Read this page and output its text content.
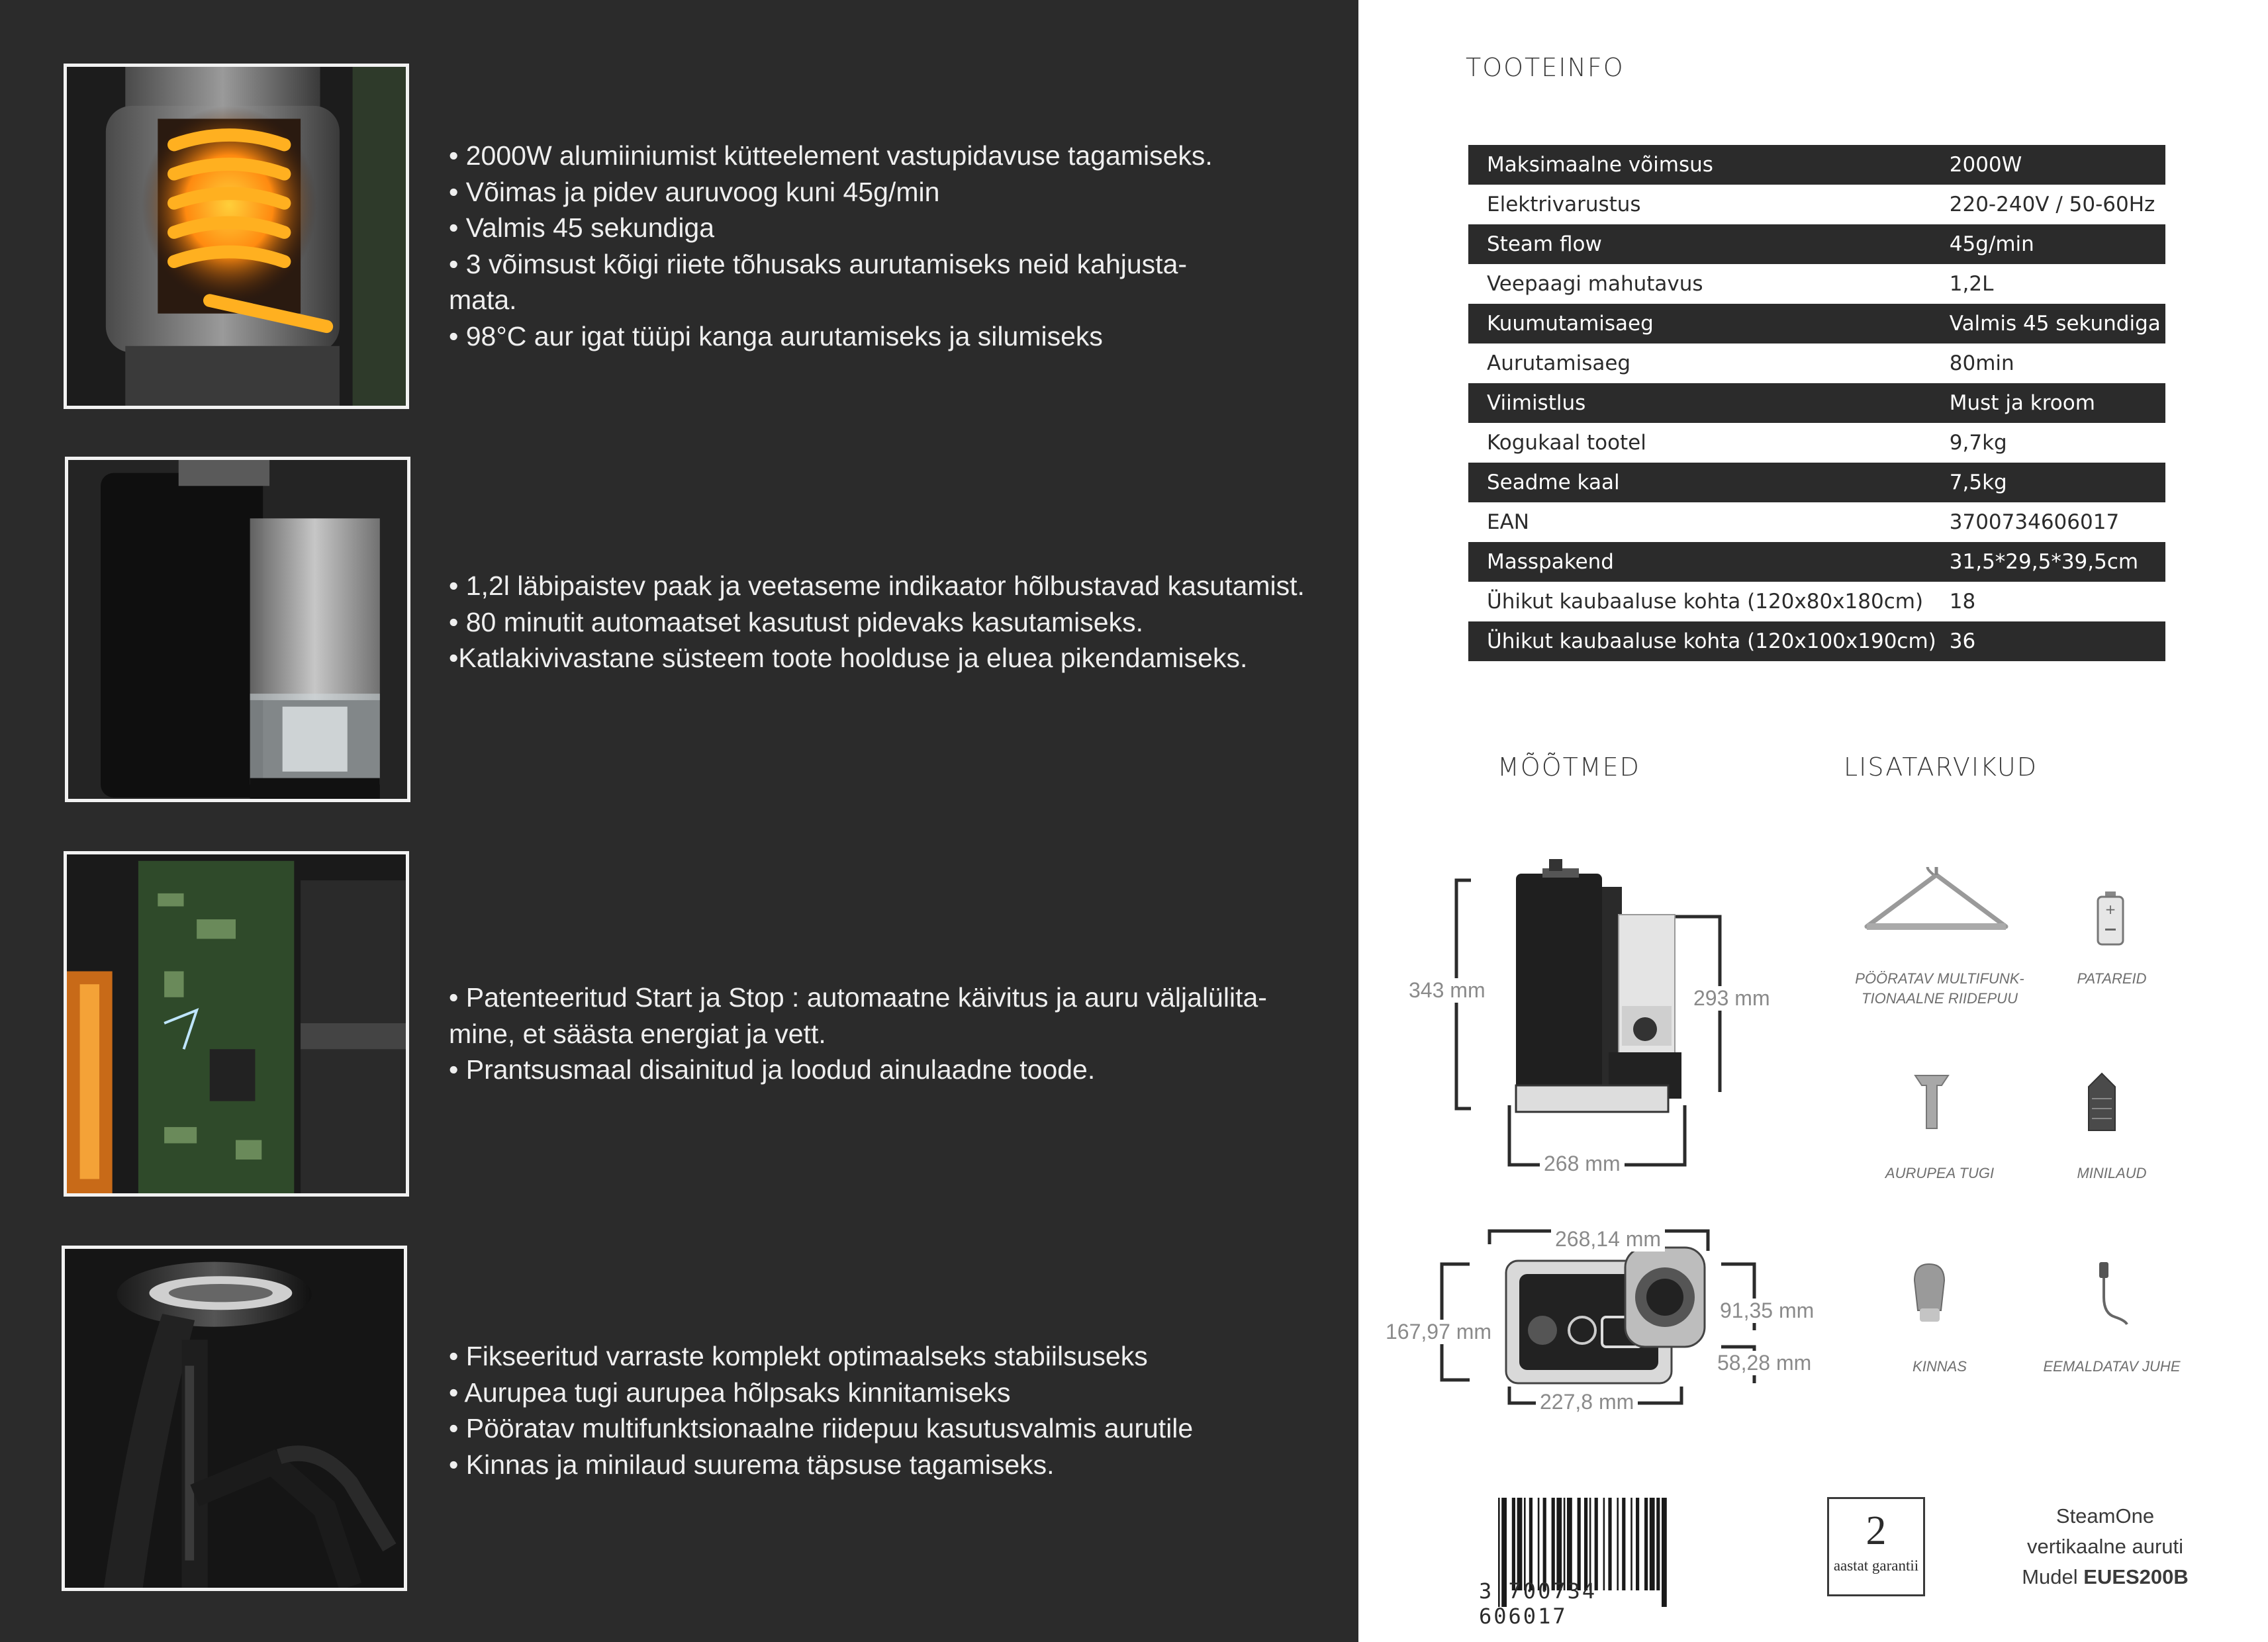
• 2000W alumiiniumist kütteelement vastupidavuse tagamiseks.
• Võimas ja pidev auruvoog kuni 45g/min
• Valmis 45 sekundiga
• 3 võimsust kõigi riiete tõhusaks aurutamiseks neid kahjusta-
mata.
• 98°C aur igat tüüpi kanga aurutamiseks ja silumiseks
• 1,2l läbipaistev paak ja veetaseme indikaator hõlbustavad kasutamist.
• 80 minutit automaatset kasutust pidevaks kasutamiseks.
•Katlakivivastane süsteem toote hoolduse ja eluea pikendamiseks.
• Patenteeritud Start ja Stop : automaatne käivitus ja auru väljalülita-
mine, et säästa energiat ja vett.
• Prantsusmaal disainitud ja loodud ainulaadne toode.
• Fikseeritud varraste komplekt optimaalseks stabiilsuseks
• Aurupea tugi aurupea hõlpsaks kinnitamiseks
• Pööratav multifunktsionaalne riidepuu kasutusvalmis aurutile
• Kinnas ja minilaud suurema täpsuse tagamiseks.
TOOTEINFO
Maksimaalne võimsus	2000W
Elektrivarustus	220-240V / 50-60Hz
Steam flow	45g/min
Veepaagi mahutavus	1,2L
Kuumutamisaeg	Valmis 45 sekundiga
Aurutamisaeg	80min
Viimistlus	Must ja kroom
Kogukaal tootel	9,7kg
Seadme kaal	7,5kg
EAN	3700734606017
Masspakend	31,5*29,5*39,5cm
Ühikut kaubaaluse kohta (120x80x180cm)	18
Ühikut kaubaaluse kohta (120x100x190cm)	36
MÕÕTMED	LISATARVIKUD
343 mm	293 mm
268 mm
268,14 mm
167,97 mm
91,35 mm
58,28 mm
227,8 mm
+
PÖÖRATAV MULTIFUNK-
TIONAALNE RIIDEPUU
PATAREID
AURUPEA TUGI	MINILAUD
KINNAS	EEMALDATAV JUHE
3 700734 606017
2
aastat garantii
SteamOne
vertikaalne auruti
Mudel EUES200B
